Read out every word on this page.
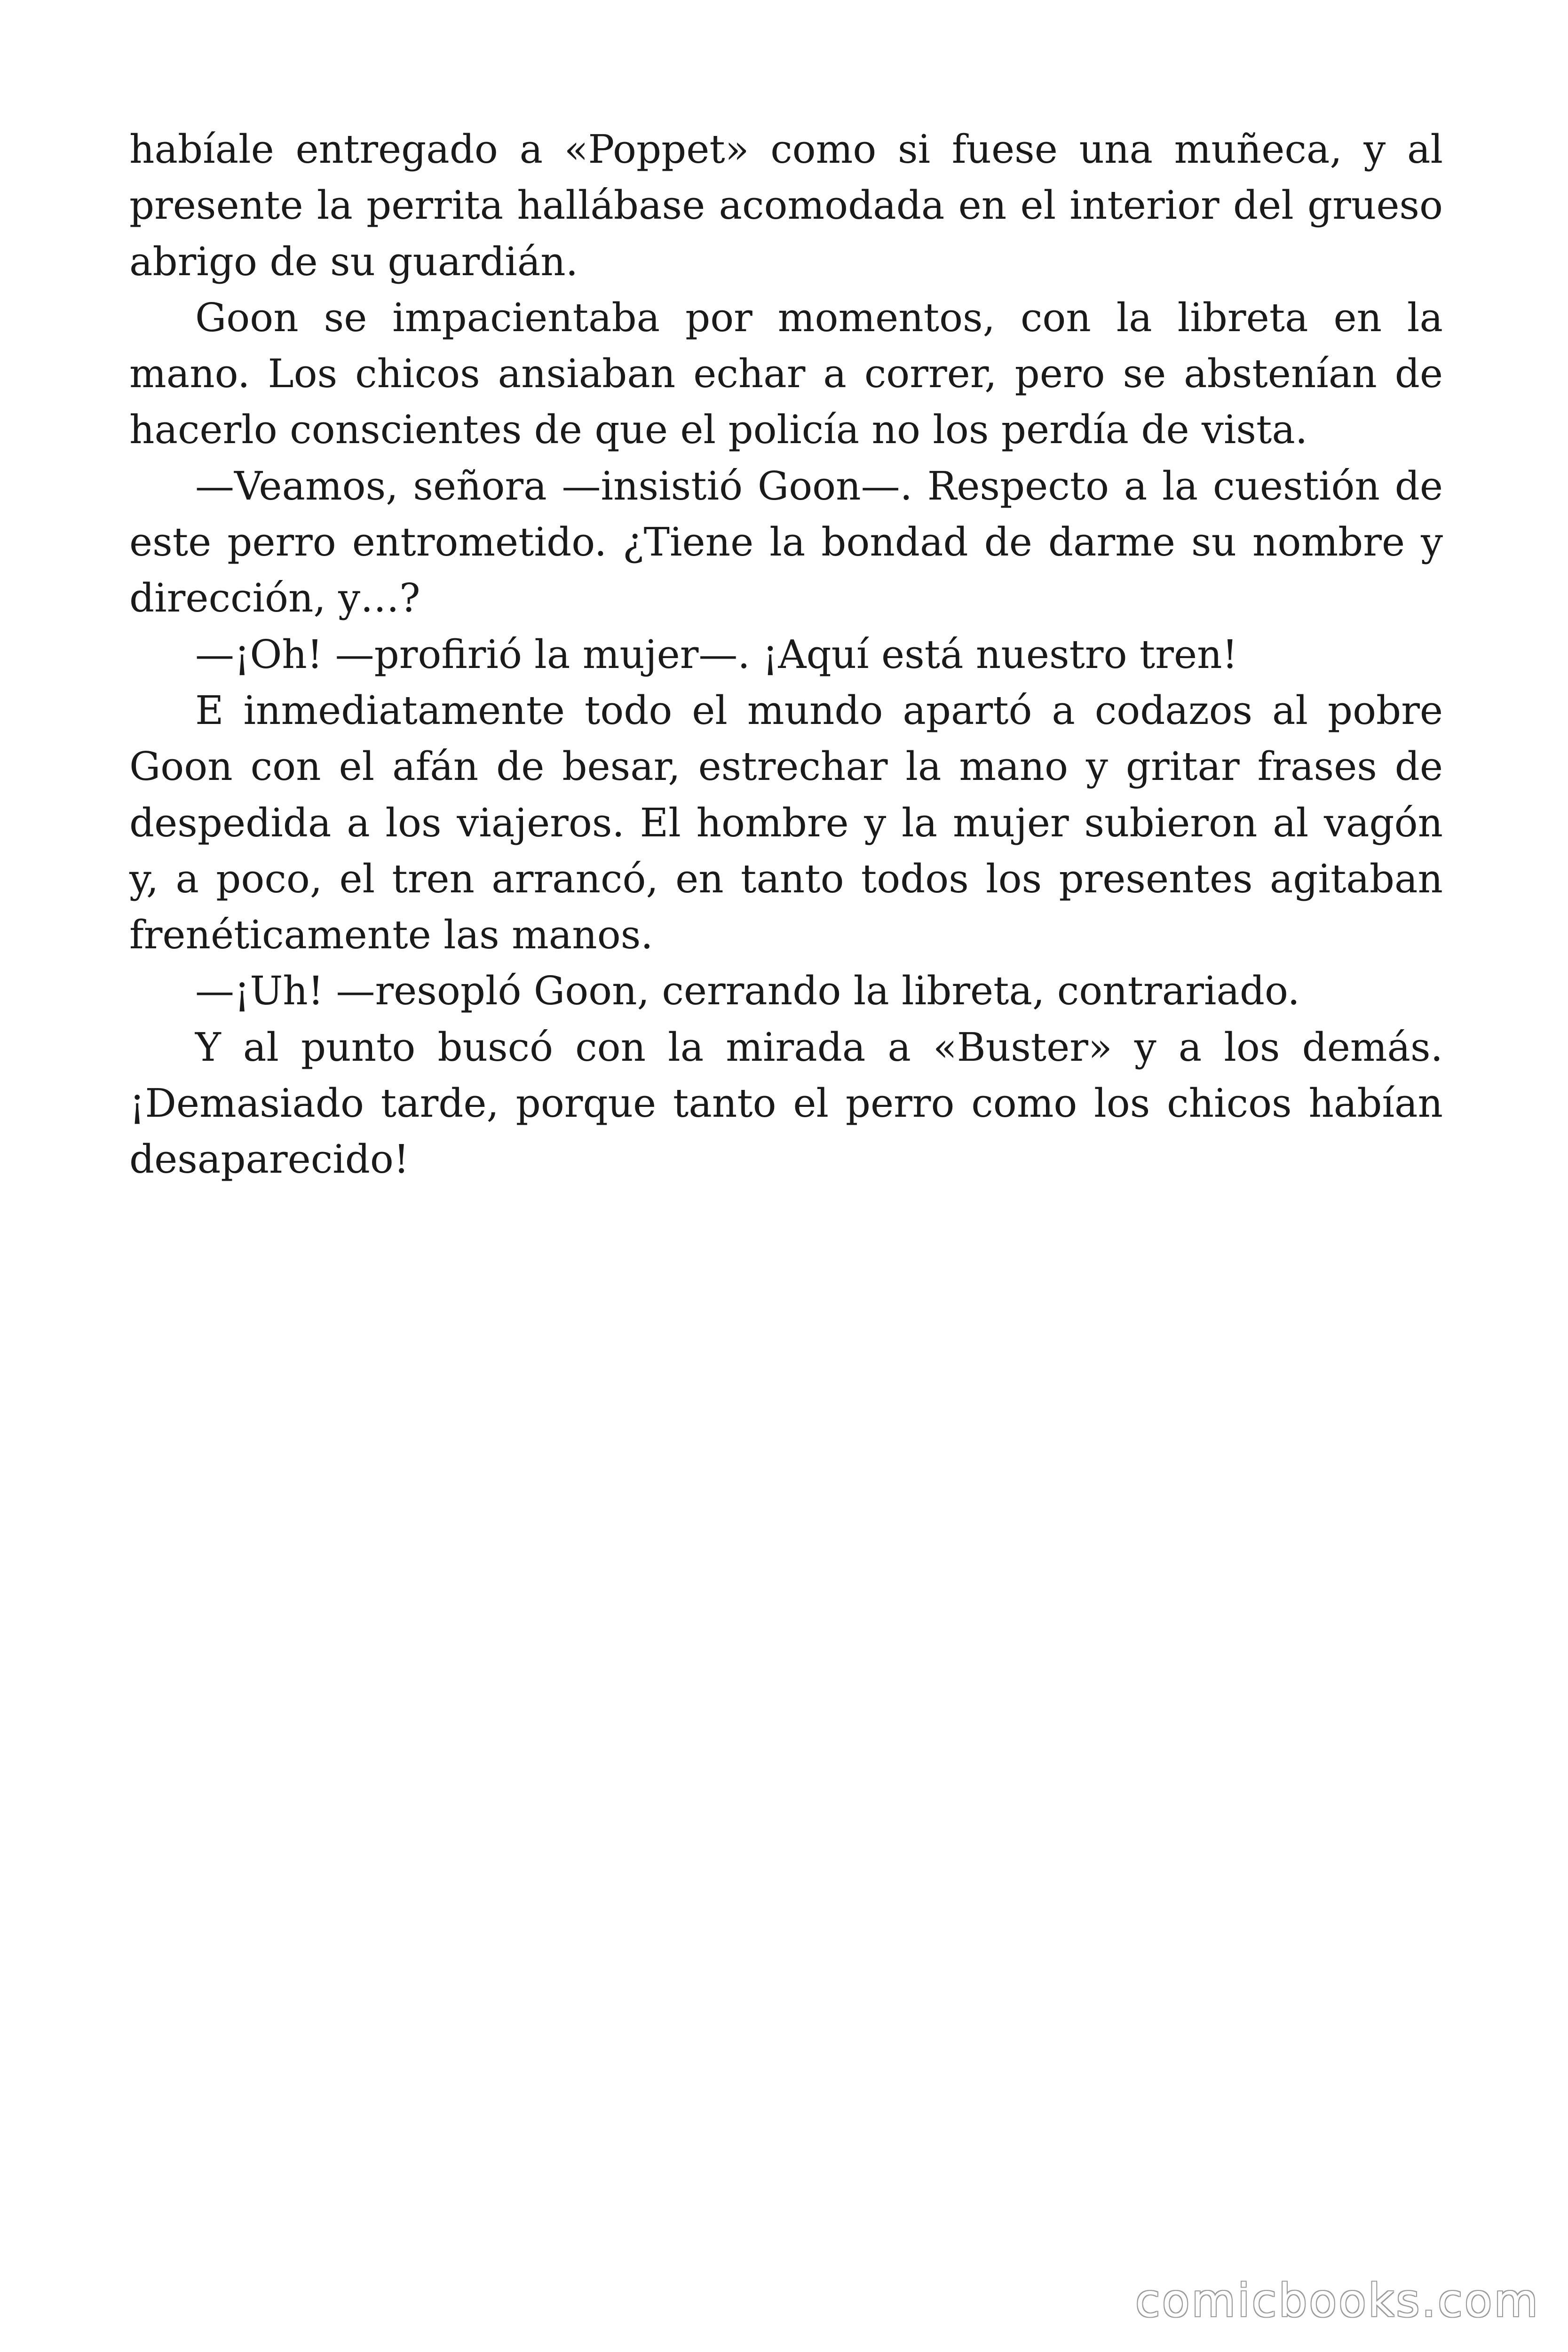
habíale entregado a «Poppet» como si fuese una muñeca, y al presente la perrita hallábase acomodada en el interior del grueso abrigo de su guardián.

Goon se impacientaba por momentos, con la libreta en la mano. Los chicos ansiaban echar a correr, pero se abstenían de hacerlo conscientes de que el policía no los perdía de vista.

—Veamos, señora —insistió Goon—. Respecto a la cuestión de este perro entrometido. ¿Tiene la bondad de darme su nombre y dirección, y…?

—¡Oh! —profirió la mujer—. ¡Aquí está nuestro tren!

E inmediatamente todo el mundo apartó a codazos al pobre Goon con el afán de besar, estrechar la mano y gritar frases de despedida a los viajeros. El hombre y la mujer subieron al vagón y, a poco, el tren arrancó, en tanto todos los presentes agitaban frenéticamente las manos.

—¡Uh! —resopló Goon, cerrando la libreta, contrariado.

Y al punto buscó con la mirada a «Buster» y a los demás. ¡Demasiado tarde, porque tanto el perro como los chicos habían desaparecido!

comicbooks.com
